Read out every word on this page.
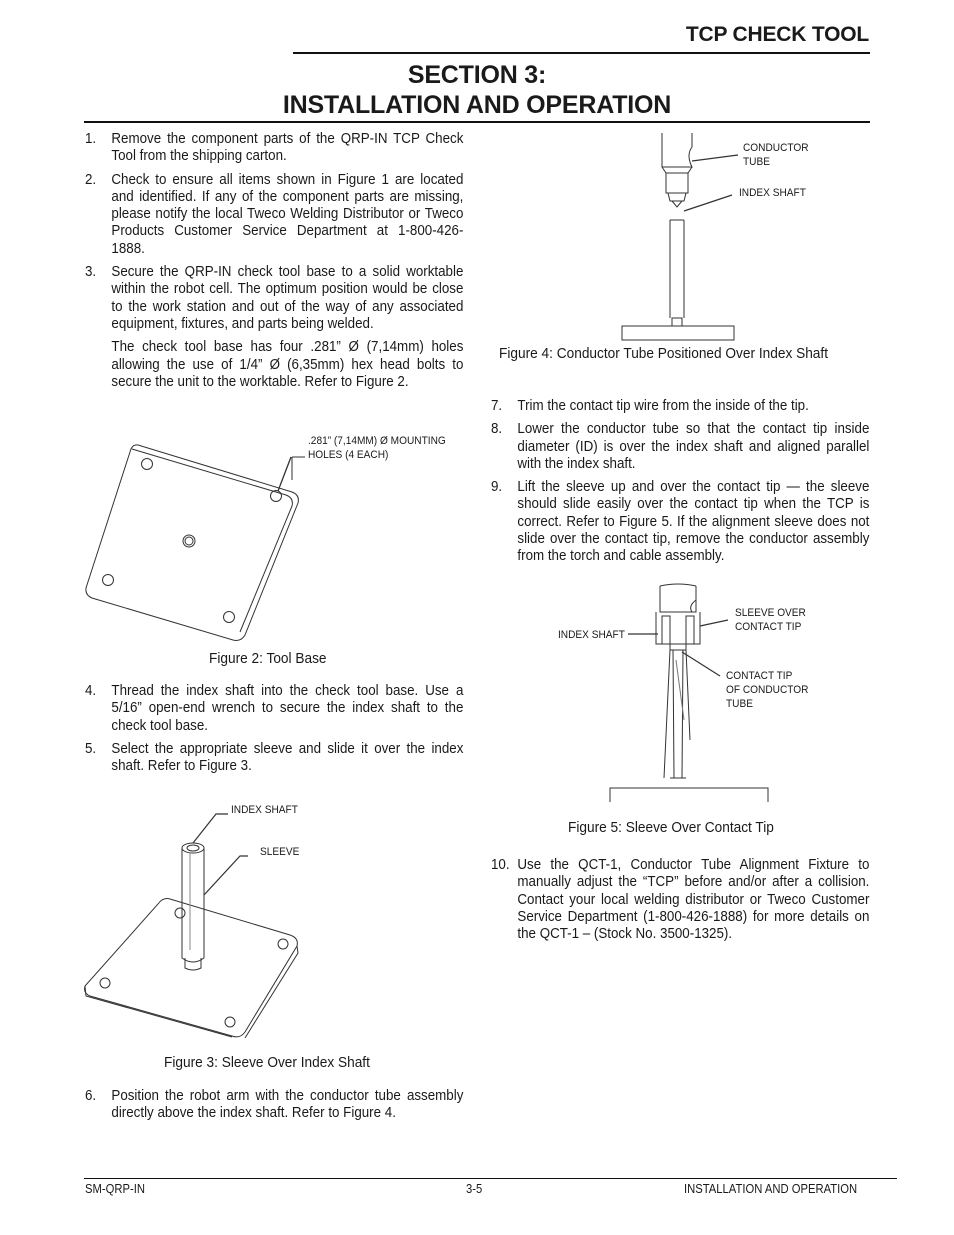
TCP CHECK TOOL
SECTION 3:
INSTALLATION AND OPERATION
1. Remove the component parts of the QRP-IN TCP Check Tool from the shipping carton.
2. Check to ensure all items shown in Figure 1 are located and identified. If any of the component parts are missing, please notify the local Tweco Welding Distributor or Tweco Products Customer Service Department at 1-800-426-1888.
3. Secure the QRP-IN check tool base to a solid worktable within the robot cell. The optimum position would be close to the work station and out of the way of any associated equipment, fixtures, and parts being welded.
The check tool base has four .281” Ø (7,14mm) holes allowing the use of 1/4” Ø (6,35mm) hex head bolts to secure the unit to the worktable. Refer to Figure 2.
.281” (7,14MM) Ø MOUNTING
HOLES (4 EACH)
Figure 2: Tool Base
4. Thread the index shaft into the check tool base. Use a 5/16” open-end wrench to secure the index shaft to the check tool base.
5. Select the appropriate sleeve and slide it over the index shaft. Refer to Figure 3.
INDEX SHAFT
SLEEVE
Figure 3: Sleeve Over Index Shaft
6. Position the robot arm with the conductor tube assembly directly above the index shaft. Refer to Figure 4.
CONDUCTOR
TUBE
INDEX SHAFT
Figure 4: Conductor Tube Positioned Over Index Shaft
7. Trim the contact tip wire from the inside of the tip.
8. Lower the conductor tube so that the contact tip inside diameter (ID) is over the index shaft and aligned parallel with the index shaft.
9. Lift the sleeve up and over the contact tip — the sleeve should slide easily over the contact tip when the TCP is correct. Refer to Figure 5. If the alignment sleeve does not slide over the contact tip, remove the conductor assembly from the torch and cable assembly.
INDEX SHAFT
SLEEVE OVER
CONTACT TIP
CONTACT TIP
OF CONDUCTOR
TUBE
Figure 5: Sleeve Over Contact Tip
10. Use the QCT-1, Conductor Tube Alignment Fixture to manually adjust the “TCP” before and/or after a collision. Contact your local welding distributor or Tweco Customer Service Department (1-800-426-1888) for more details on the QCT-1 – (Stock No. 3500-1325).
SM-QRP-IN	3-5	INSTALLATION AND OPERATION
